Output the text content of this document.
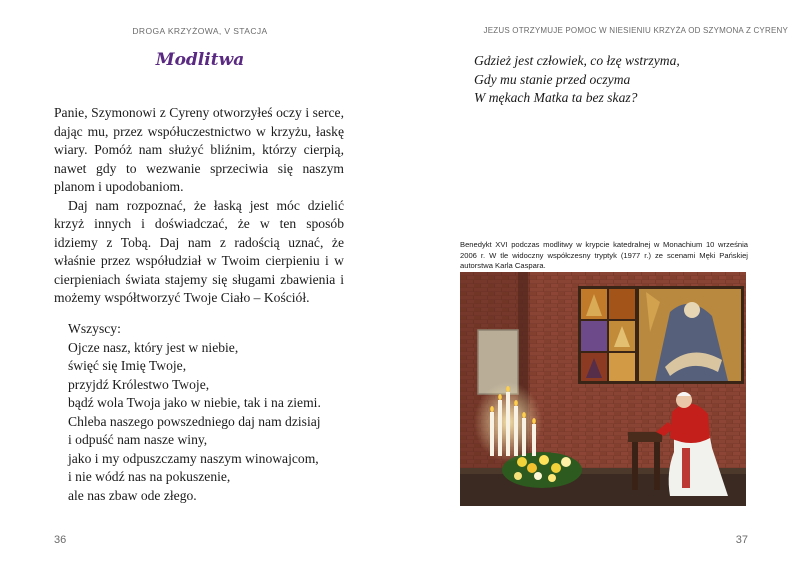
DROGA KRZYŻOWA, V STACJA
Modlitwa

Panie, Szymonowi z Cyreny otworzyłeś oczy i serce, dając mu, przez współuczestnictwo w krzyżu, łaskę wiary. Pomóż nam służyć bliźnim, którzy cierpią, nawet gdy to wezwanie sprzeciwia się naszym planom i upodobaniom.

Daj nam rozpoznać, że łaską jest móc dzielić krzyż innych i doświadczać, że w ten sposób idziemy z Tobą. Daj nam z radością uznać, że właśnie przez współudział w Twoim cierpieniu i w cierpieniach świata stajemy się sługami zbawienia i możemy współtworzyć Twoje Ciało – Kościół.

Wszyscy:
Ojcze nasz, który jest w niebie,
święć się Imię Twoje,
przyjdź Królestwo Twoje,
bądź wola Twoja jako w niebie, tak i na ziemi.
Chleba naszego powszedniego daj nam dzisiaj
i odpuść nam nasze winy,
jako i my odpuszczamy naszym winowajcom,
i nie wódź nas na pokuszenie,
ale nas zbaw ode złego.
36
JEZUS OTRZYMUJE POMOC W NIESIENIU KRZYŻA OD SZYMONA Z CYRENY
Gdzież jest człowiek, co łzę wstrzyma,
Gdy mu stanie przed oczyma
W mękach Matka ta bez skaz?
Benedykt XVI podczas modlitwy w krypcie katedralnej w Monachium 10 września 2006 r. W tle widoczny współczesny tryptyk (1977 r.) ze scenami Męki Pańskiej autorstwa Karla Caspara.
37
